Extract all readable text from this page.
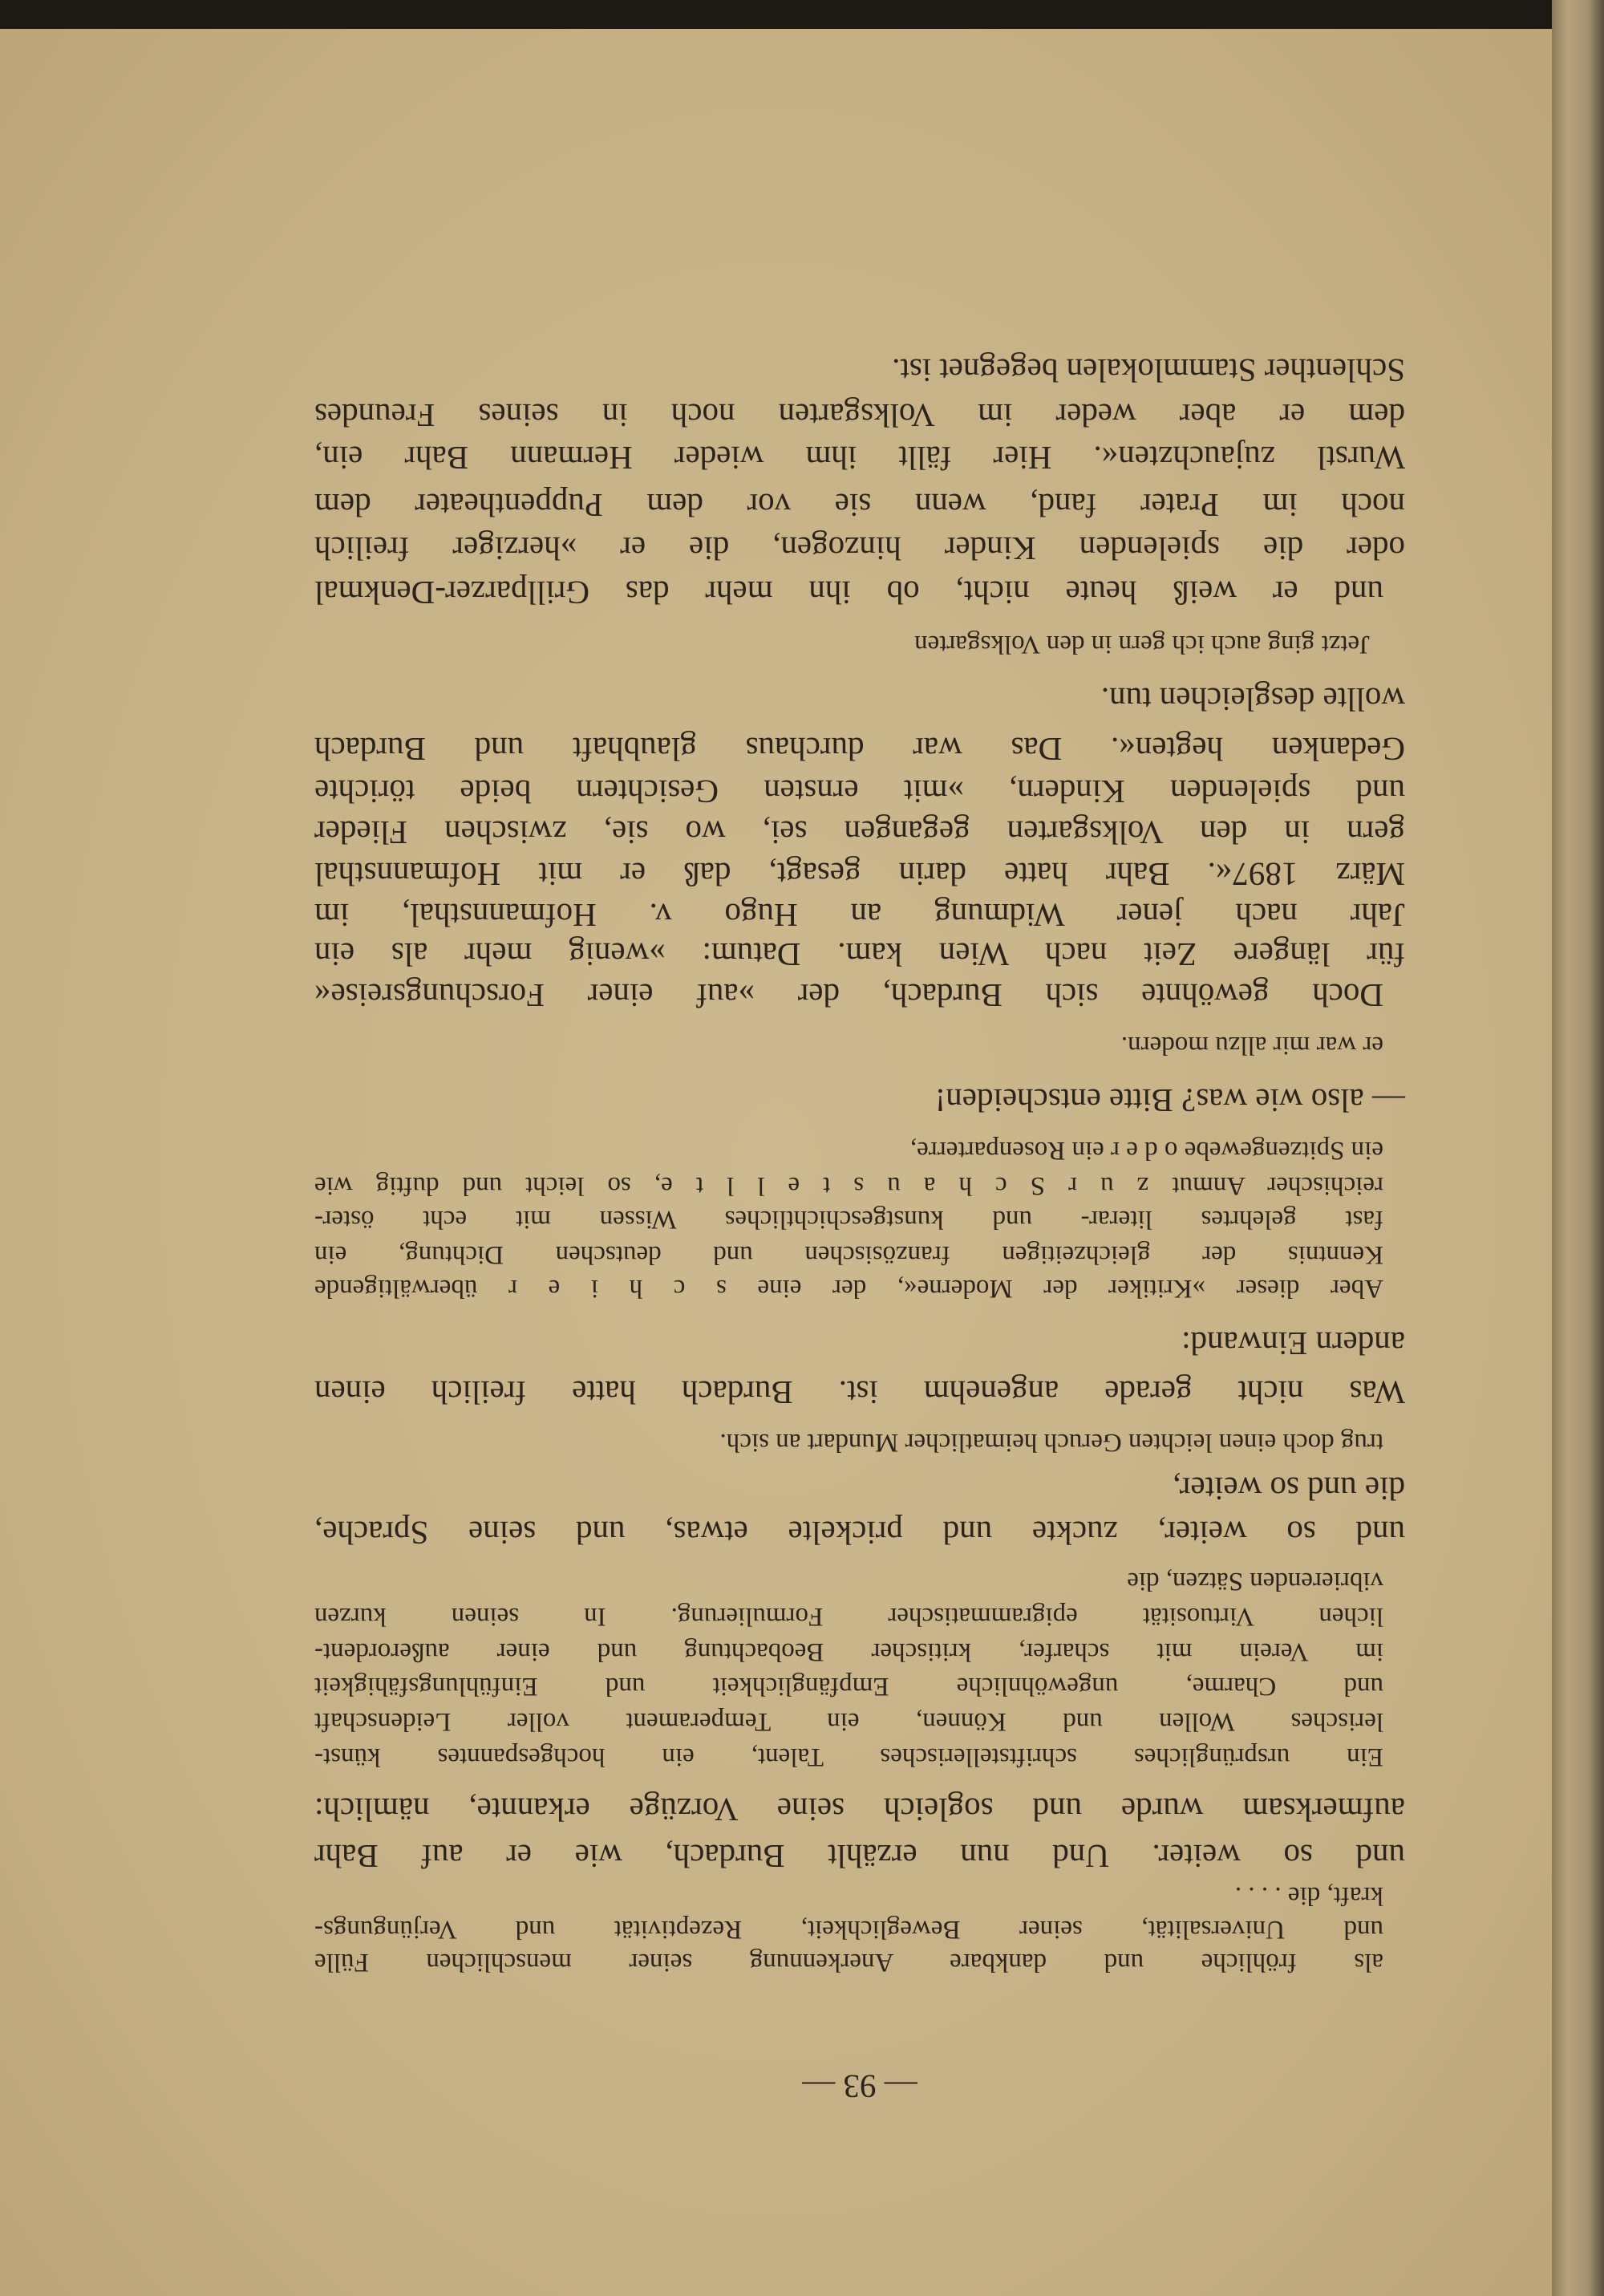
— 93 —
als fröhliche und dankbare Anerkennung seiner menschlichen Fülle
und Universalität, seiner Beweglichkeit, Rezeptivität und Verjüngungs-
kraft, die . . . .
und so weiter. Und nun erzählt Burdach, wie er auf Bahr
aufmerksam wurde und sogleich seine Vorzüge erkannte, nämlich:
Ein ursprüngliches schriftstellerisches Talent, ein hochgespanntes künst-
lerisches Wollen und Können, ein Temperament voller Leidenschaft
und Charme, ungewöhnliche Empfänglichkeit und Einfühlungsfähigkeit
im Verein mit scharfer, kritischer Beobachtung und einer außerordent-
lichen Virtuosität epigrammatischer Formulierung. In seinen kurzen
vibrierenden Sätzen, die
und so weiter, zuckte und prickelte etwas, und seine Sprache,
die und so weiter,
trug doch einen leichten Geruch heimatlicher Mundart an sich.
Was nicht gerade angenehm ist. Burdach hatte freilich einen
andern Einwand:
Aber dieser »Kritiker der Moderne«, der eine s c h i e r überwältigende
Kenntnis der gleichzeitigen französischen und deutschen Dichtung, ein
fast gelehrtes literar- und kunstgeschichtliches Wissen mit echt öster-
reichischer Anmut z u r S c h a u s t e l l t e, so leicht und duftig wie
ein Spitzengewebe o d e r ein Rosenparterre,
— also wie was? Bitte entscheiden!
er war mir allzu modern.
Doch gewöhnte sich Burdach, der »auf einer Forschungsreise«
für längere Zeit nach Wien kam. Datum: »wenig mehr als ein
Jahr nach jener Widmung an Hugo v. Hofmannsthal, im
März 1897«. Bahr hatte darin gesagt, daß er mit Hofmannsthal
gern in den Volksgarten gegangen sei, wo sie, zwischen Flieder
und spielenden Kindern, »mit ernsten Gesichtern beide törichte
Gedanken hegten«. Das war durchaus glaubhaft und Burdach
wollte desgleichen tun.
Jetzt ging auch ich gern in den Volksgarten
und er weiß heute nicht, ob ihn mehr das Grillparzer-Denkmal
oder die spielenden Kinder hinzogen, die er »herziger freilich
noch im Prater fand, wenn sie vor dem Puppentheater dem
Wurstl zujauchzten«. Hier fällt ihm wieder Hermann Bahr ein,
dem er aber weder im Volksgarten noch in seines Freundes
Schlenther Stammlokalen begegnet ist.
